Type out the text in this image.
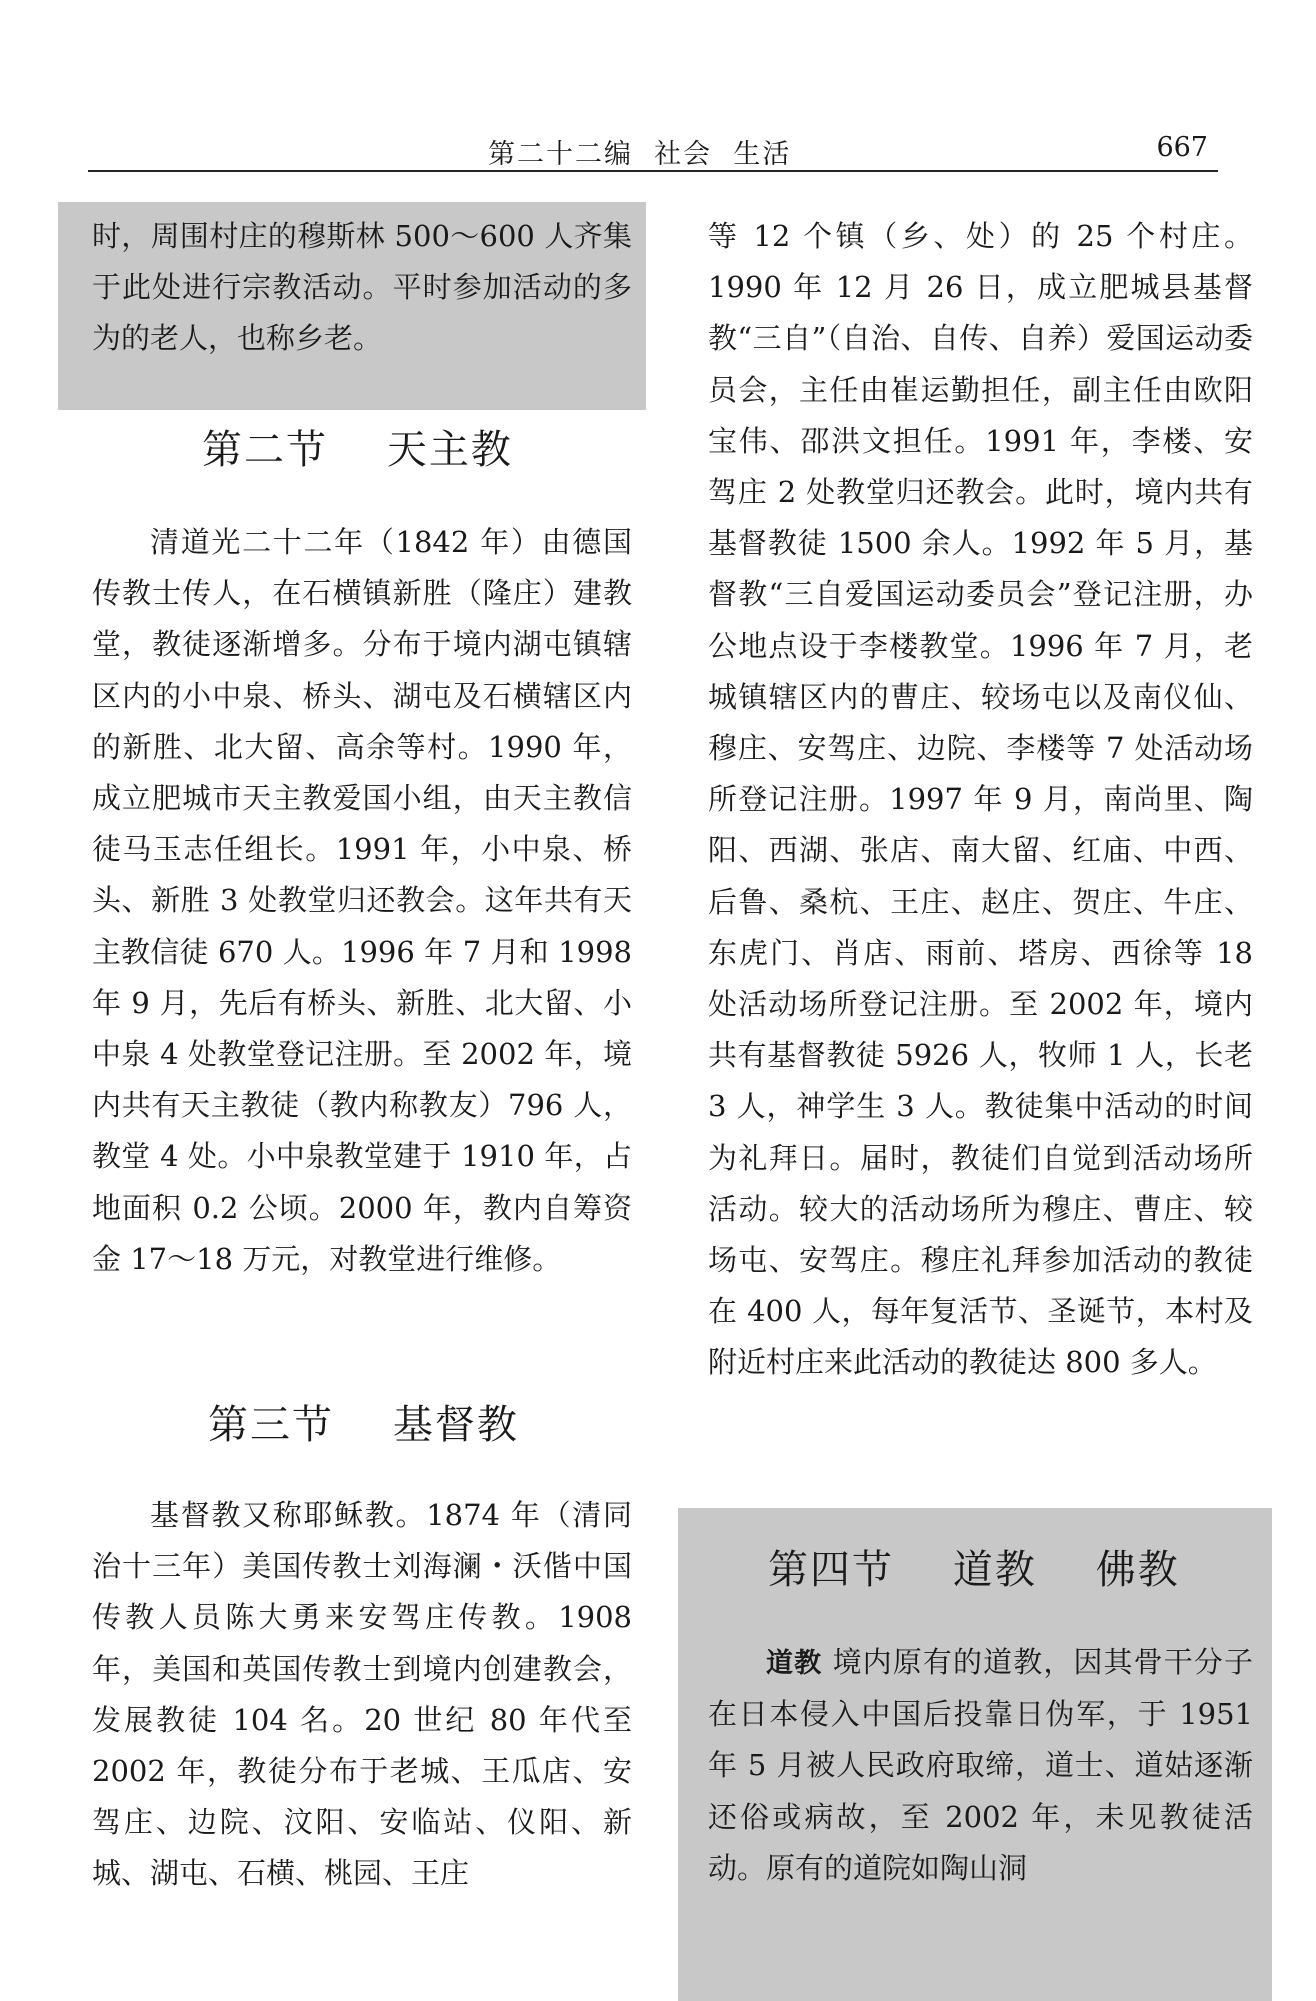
第二十二编  社会  生活	667

时，周围村庄的穆斯林 500～600 人齐集于此处进行宗教活动。平时参加活动的多为的老人，也称乡老。

第二节    天主教

清道光二十二年（1842 年）由德国传教士传人，在石横镇新胜（隆庄）建教堂，教徒逐渐增多。分布于境内湖屯镇辖区内的小中泉、桥头、湖屯及石横辖区内的新胜、北大留、高余等村。1990 年，成立肥城市天主教爱国小组，由天主教信徒马玉志任组长。1991 年，小中泉、桥头、新胜 3 处教堂归还教会。这年共有天主教信徒 670 人。1996 年 7 月和 1998 年 9 月，先后有桥头、新胜、北大留、小中泉 4 处教堂登记注册。至 2002 年，境内共有天主教徒（教内称教友）796 人，教堂 4 处。小中泉教堂建于 1910 年，占地面积 0.2 公顷。2000 年，教内自筹资金 17～18 万元，对教堂进行维修。

第三节    基督教

基督教又称耶稣教。1874 年（清同治十三年）美国传教士刘海澜・沃偕中国传教人员陈大勇来安驾庄传教。1908 年，美国和英国传教士到境内创建教会，发展教徒 104 名。20 世纪 80 年代至 2002 年，教徒分布于老城、王瓜店、安驾庄、边院、汶阳、安临站、仪阳、新城、湖屯、石横、桃园、王庄

等 12 个镇（乡、处）的 25 个村庄。1990 年 12 月 26 日，成立肥城县基督教“三自”（自治、自传、自养）爱国运动委员会，主任由崔运勤担任，副主任由欧阳宝伟、邵洪文担任。1991 年，李楼、安驾庄 2 处教堂归还教会。此时，境内共有基督教徒 1500 余人。1992 年 5 月，基督教“三自爱国运动委员会”登记注册，办公地点设于李楼教堂。1996 年 7 月，老城镇辖区内的曹庄、较场屯以及南仪仙、穆庄、安驾庄、边院、李楼等 7 处活动场所登记注册。1997 年 9 月，南尚里、陶阳、西湖、张店、南大留、红庙、中西、后鲁、桑杭、王庄、赵庄、贺庄、牛庄、东虎门、肖店、雨前、塔房、西徐等 18 处活动场所登记注册。至 2002 年，境内共有基督教徒 5926 人，牧师 1 人，长老 3 人，神学生 3 人。教徒集中活动的时间为礼拜日。届时，教徒们自觉到活动场所活动。较大的活动场所为穆庄、曹庄、较场屯、安驾庄。穆庄礼拜参加活动的教徒在 400 人，每年复活节、圣诞节，本村及附近村庄来此活动的教徒达 800 多人。

第四节    道教    佛教

道教 境内原有的道教，因其骨干分子在日本侵入中国后投靠日伪军，于 1951 年 5 月被人民政府取缔，道士、道姑逐渐还俗或病故，至 2002 年，未见教徒活动。原有的道院如陶山洞
